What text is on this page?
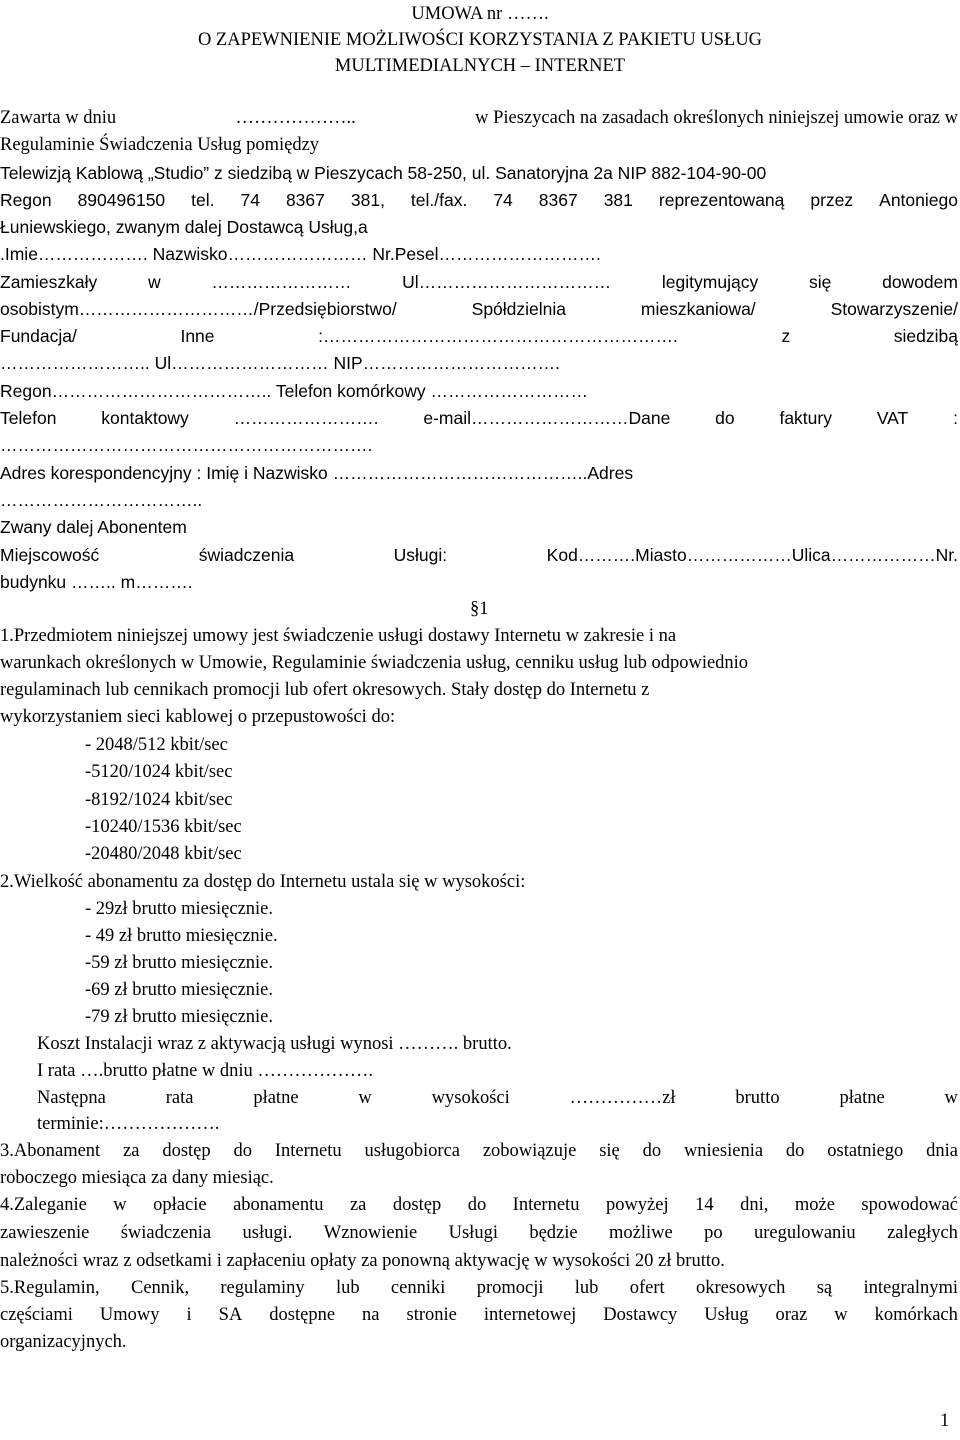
UMOWA nr …….
O ZAPEWNIENIE MOŻLIWOŚCI KORZYSTANIA Z PAKIETU USŁUG
MULTIMEDIALNYCH – INTERNET
Zawarta w dniu	………………..	w Pieszycach na zasadach określonych niniejszej umowie oraz w
Regulaminie Świadczenia Usług pomiędzy
Telewizją Kablową „Studio” z siedzibą w Pieszycach 58-250, ul. Sanatoryjna 2a NIP 882-104-90-00
Regon 890496150 tel. 74 8367 381, tel./fax. 74 8367 381 reprezentowaną przez Antoniego
Łuniewskiego, zwanym dalej Dostawcą Usług,a
.Imie………………. Nazwisko…………………… Nr.Pesel……………………….
Zamieszkały	w	……………………	Ul……………………………	legitymujący	się	dowodem
osobistym…………………………/Przedsiębiorstwo/	Spółdzielnia	mieszkaniowa/	Stowarzyszenie/
Fundacja/	Inne	:…………………………………………………….	z	siedzibą
…………………….. Ul……………………… NIP…………………………….
Regon……………………………….. Telefon komórkowy ………………………
Telefon	kontaktowy	…………………….	e-mail………………………Dane	do	faktury	VAT	:
……………………………………………………….
Adres korespondencyjny : Imię i Nazwisko ……………………………………..Adres
……………………………..
Zwany dalej Abonentem
Miejscowość	świadczenia	Usługi:	Kod……….Miasto………………Ulica………………Nr.
budynku …….. m……….
§1
1.Przedmiotem niniejszej umowy jest świadczenie usługi dostawy Internetu w zakresie i na
warunkach określonych w Umowie, Regulaminie świadczenia usług, cenniku usług lub odpowiednio
regulaminach lub cennikach promocji lub ofert okresowych. Stały dostęp do Internetu z
wykorzystaniem sieci kablowej o przepustowości do:
- 2048/512 kbit/sec
-5120/1024 kbit/sec
-8192/1024 kbit/sec
-10240/1536 kbit/sec
-20480/2048 kbit/sec
2.Wielkość abonamentu za dostęp do Internetu ustala się w wysokości:
- 29zł brutto miesięcznie.
- 49 zł brutto miesięcznie.
-59 zł brutto miesięcznie.
-69 zł brutto miesięcznie.
-79 zł brutto miesięcznie.
Koszt Instalacji wraz z aktywacją usługi wynosi ………. brutto.
I rata ….brutto płatne w dniu ……………….
Następna	rata	płatne	w	wysokości	……………zł	brutto	płatne	w
terminie:……………….
3.Abonament za dostęp do Internetu usługobiorca zobowiązuje się do wniesienia do ostatniego dnia
roboczego miesiąca za dany miesiąc.
4.Zaleganie w opłacie abonamentu za dostęp do Internetu powyżej 14 dni, może spowodować
zawieszenie świadczenia usługi. Wznowienie Usługi będzie możliwe po uregulowaniu zaległych
należności wraz z odsetkami i zapłaceniu opłaty za ponowną aktywację w wysokości 20 zł brutto.
5.Regulamin, Cennik, regulaminy lub cenniki promocji lub ofert okresowych są integralnymi
częściami Umowy i SA dostępne na stronie internetowej Dostawcy Usług oraz w komórkach
organizacyjnych.
1
